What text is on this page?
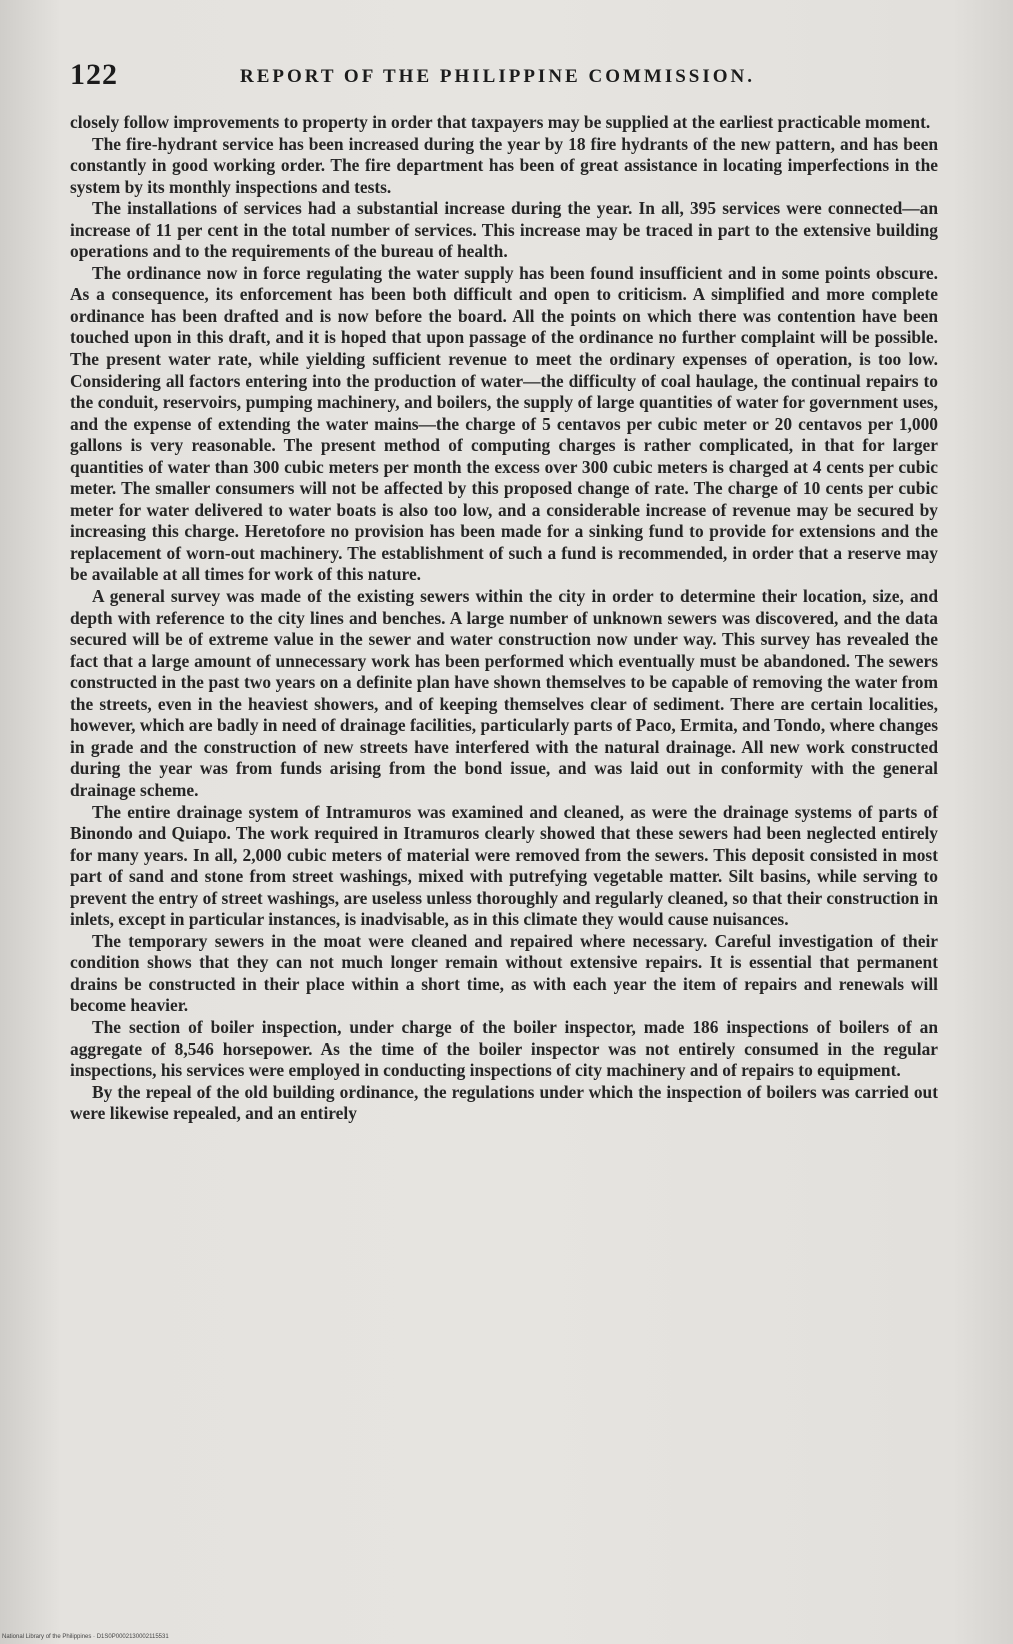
122	REPORT OF THE PHILIPPINE COMMISSION.

closely follow improvements to property in order that taxpayers may be supplied at the earliest practicable moment.

The fire-hydrant service has been increased during the year by 18 fire hydrants of the new pattern, and has been constantly in good working order. The fire department has been of great assistance in locating imperfections in the system by its monthly inspections and tests.

The installations of services had a substantial increase during the year. In all, 395 services were connected—an increase of 11 per cent in the total number of services. This increase may be traced in part to the extensive building operations and to the requirements of the bureau of health.

The ordinance now in force regulating the water supply has been found insufficient and in some points obscure. As a consequence, its enforcement has been both difficult and open to criticism. A simplified and more complete ordinance has been drafted and is now before the board. All the points on which there was contention have been touched upon in this draft, and it is hoped that upon passage of the ordinance no further complaint will be possible. The present water rate, while yielding sufficient revenue to meet the ordinary expenses of operation, is too low. Considering all factors entering into the production of water—the difficulty of coal haulage, the continual repairs to the conduit, reservoirs, pumping machinery, and boilers, the supply of large quantities of water for government uses, and the expense of extending the water mains—the charge of 5 centavos per cubic meter or 20 centavos per 1,000 gallons is very reasonable. The present method of computing charges is rather complicated, in that for larger quantities of water than 300 cubic meters per month the excess over 300 cubic meters is charged at 4 cents per cubic meter. The smaller consumers will not be affected by this proposed change of rate. The charge of 10 cents per cubic meter for water delivered to water boats is also too low, and a considerable increase of revenue may be secured by increasing this charge. Heretofore no provision has been made for a sinking fund to provide for extensions and the replacement of worn-out machinery. The establishment of such a fund is recommended, in order that a reserve may be available at all times for work of this nature.

A general survey was made of the existing sewers within the city in order to determine their location, size, and depth with reference to the city lines and benches. A large number of unknown sewers was discovered, and the data secured will be of extreme value in the sewer and water construction now under way. This survey has revealed the fact that a large amount of unnecessary work has been performed which eventually must be abandoned. The sewers constructed in the past two years on a definite plan have shown themselves to be capable of removing the water from the streets, even in the heaviest showers, and of keeping themselves clear of sediment. There are certain localities, however, which are badly in need of drainage facilities, particularly parts of Paco, Ermita, and Tondo, where changes in grade and the construction of new streets have interfered with the natural drainage. All new work constructed during the year was from funds arising from the bond issue, and was laid out in conformity with the general drainage scheme.

The entire drainage system of Intramuros was examined and cleaned, as were the drainage systems of parts of Binondo and Quiapo. The work required in Itramuros clearly showed that these sewers had been neglected entirely for many years. In all, 2,000 cubic meters of material were removed from the sewers. This deposit consisted in most part of sand and stone from street washings, mixed with putrefying vegetable matter. Silt basins, while serving to prevent the entry of street washings, are useless unless thoroughly and regularly cleaned, so that their construction in inlets, except in particular instances, is inadvisable, as in this climate they would cause nuisances.

The temporary sewers in the moat were cleaned and repaired where necessary. Careful investigation of their condition shows that they can not much longer remain without extensive repairs. It is essential that permanent drains be constructed in their place within a short time, as with each year the item of repairs and renewals will become heavier.

The section of boiler inspection, under charge of the boiler inspector, made 186 inspections of boilers of an aggregate of 8,546 horsepower. As the time of the boiler inspector was not entirely consumed in the regular inspections, his services were employed in conducting inspections of city machinery and of repairs to equipment.

By the repeal of the old building ordinance, the regulations under which the inspection of boilers was carried out were likewise repealed, and an entirely

National Library of the Philippines · D1S0P0002130002115531
